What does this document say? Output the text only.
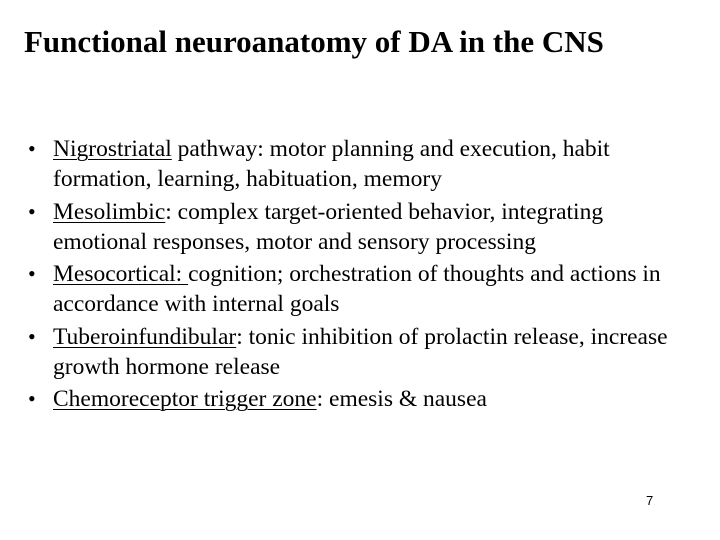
Functional neuroanatomy of DA in the CNS
• Nigrostriatal pathway: motor planning and execution, habit formation, learning, habituation, memory
• Mesolimbic: complex target-oriented behavior, integrating emotional responses, motor and sensory processing
• Mesocortical: cognition; orchestration of thoughts and actions in accordance with internal goals
• Tuberoinfundibular: tonic inhibition of prolactin release, increase growth hormone release
• Chemoreceptor trigger zone: emesis & nausea
7
